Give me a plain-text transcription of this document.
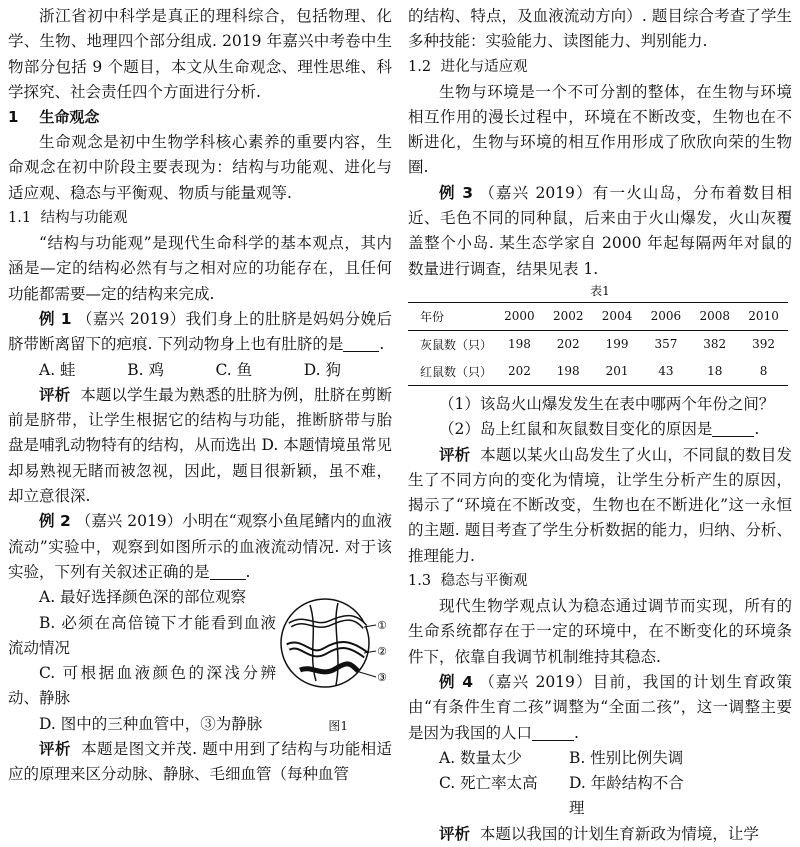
浙江省初中科学是真正的理科综合，包括物理、化学、生物、地理四个部分组成. 2019 年嘉兴中考卷中生物部分包括 9 个题目，本文从生命观念、理性思维、科学探究、社会责任四个方面进行分析.

1 生命观念

生命观念是初中生物学科核心素养的重要内容，生命观念在初中阶段主要表现为：结构与功能观、进化与适应观、稳态与平衡观、物质与能量观等.

1.1 结构与功能观

“结构与功能观”是现代生命科学的基本观点，其内涵是—定的结构必然有与之相对应的功能存在，且任何功能都需要—定的结构来完成.

例 1 （嘉兴 2019）我们身上的肚脐是妈妈分娩后脐带断离留下的疤痕. 下列动物身上也有肚脐的是 .

A. 蛙	B. 鸡	C. 鱼	D. 狗

评析 本题以学生最为熟悉的肚脐为例，肚脐在剪断前是脐带，让学生根据它的结构与功能，推断脐带与胎盘是哺乳动物特有的结构，从而选出 D. 本题情境虽常见却易熟视无睹而被忽视，因此，题目很新颖，虽不难，却立意很深.

例 2 （嘉兴 2019）小明在“观察小鱼尾鳍内的血液流动”实验中，观察到如图所示的血液流动情况. 对于该实验，下列有关叙述正确的是 .

A. 最好选择颜色深的部位观察

B. 必须在高倍镜下才能看到血液流动情况

C. 可根据血液颜色的深浅分辨动、静脉

①
②
③
图1

D. 图中的三种血管中，③为静脉

评析 本题是图文并茂. 题中用到了结构与功能相适应的原理来区分动脉、静脉、毛细血管（每种血管

的结构、特点，及血液流动方向）. 题目综合考查了学生多种技能：实验能力、读图能力、判别能力.

1.2 进化与适应观

生物与环境是一个不可分割的整体，在生物与环境相互作用的漫长过程中，环境在不断改变，生物也在不断进化，生物与环境的相互作用形成了欣欣向荣的生物圈.

例 3 （嘉兴 2019）有一火山岛，分布着数目相近、毛色不同的同种鼠，后来由于火山爆发，火山灰覆盖整个小岛. 某生态学家自 2000 年起每隔两年对鼠的数量进行调查，结果见表 1.

表1
年份	2000	2002	2004	2006	2008	2010
灰鼠数（只）	198	202	199	357	382	392
红鼠数（只）	202	198	201	43	18	8

（1）该岛火山爆发发生在表中哪两个年份之间？

（2）岛上红鼠和灰鼠数目变化的原因是	.

评析 本题以某火山岛发生了火山，不同鼠的数目发生了不同方向的变化为情境，让学生分析产生的原因，揭示了“环境在不断改变，生物也在不断进化”这一永恒的主题. 题目考查了学生分析数据的能力，归纳、分析、推理能力.

1.3 稳态与平衡观

现代生物学观点认为稳态通过调节而实现，所有的生命系统都存在于一定的环境中，在不断变化的环境条件下，依靠自我调节机制维持其稳态.

例 4 （嘉兴 2019）目前，我国的计划生育政策由“有条件生育二孩”调整为“全面二孩”，这一调整主要是因为我国的人口	.

A. 数量太少	B. 性别比例失调
C. 死亡率太高	D. 年龄结构不合理

评析 本题以我国的计划生育新政为情境，让学
